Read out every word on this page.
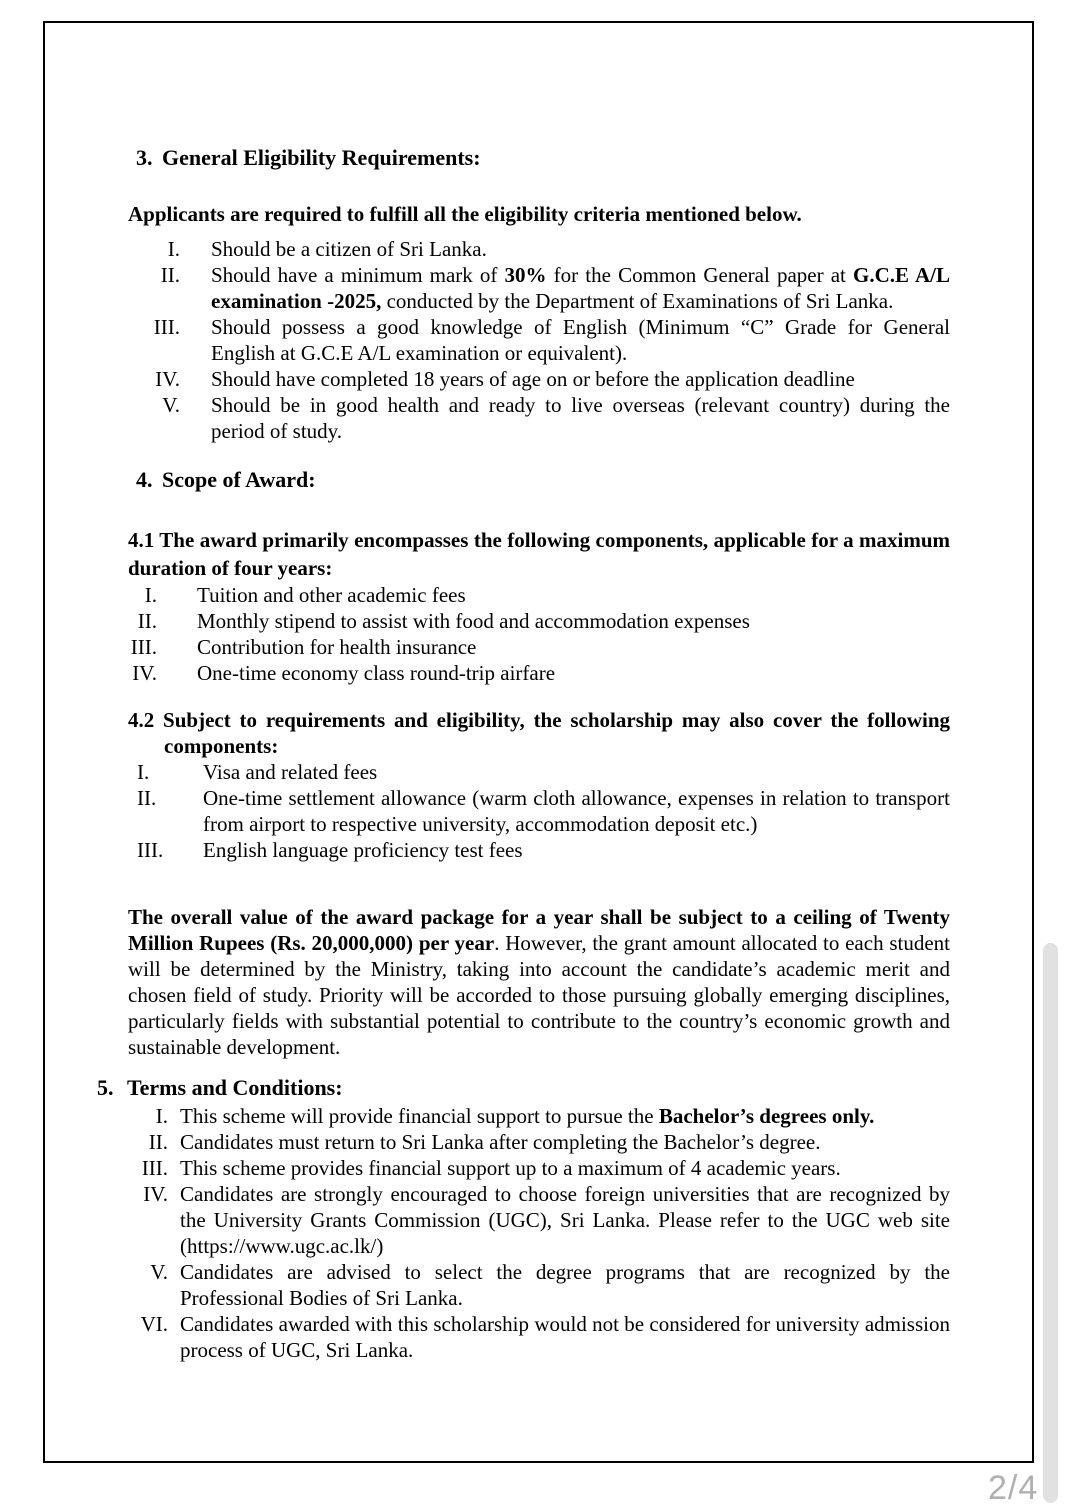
3. General Eligibility Requirements:
Applicants are required to fulfill all the eligibility criteria mentioned below.
I. Should be a citizen of Sri Lanka.
II. Should have a minimum mark of 30% for the Common General paper at G.C.E A/L examination -2025, conducted by the Department of Examinations of Sri Lanka.
III. Should possess a good knowledge of English (Minimum “C” Grade for General English at G.C.E A/L examination or equivalent).
IV. Should have completed 18 years of age on or before the application deadline
V. Should be in good health and ready to live overseas (relevant country) during the period of study.
4. Scope of Award:
4.1 The award primarily encompasses the following components, applicable for a maximum duration of four years:
I. Tuition and other academic fees
II. Monthly stipend to assist with food and accommodation expenses
III. Contribution for health insurance
IV. One-time economy class round-trip airfare
4.2 Subject to requirements and eligibility, the scholarship may also cover the following components:
I.	Visa and related fees
II.	One-time settlement allowance (warm cloth allowance, expenses in relation to transport from airport to respective university, accommodation deposit etc.)
III.	English language proficiency test fees
The overall value of the award package for a year shall be subject to a ceiling of Twenty Million Rupees (Rs. 20,000,000) per year. However, the grant amount allocated to each student will be determined by the Ministry, taking into account the candidate’s academic merit and chosen field of study. Priority will be accorded to those pursuing globally emerging disciplines, particularly fields with substantial potential to contribute to the country’s economic growth and sustainable development.
5. Terms and Conditions:
I. This scheme will provide financial support to pursue the Bachelor’s degrees only.
II. Candidates must return to Sri Lanka after completing the Bachelor’s degree.
III. This scheme provides financial support up to a maximum of 4 academic years.
IV. Candidates are strongly encouraged to choose foreign universities that are recognized by the University Grants Commission (UGC), Sri Lanka. Please refer to the UGC web site (https://www.ugc.ac.lk/)
V. Candidates are advised to select the degree programs that are recognized by the Professional Bodies of Sri Lanka.
VI. Candidates awarded with this scholarship would not be considered for university admission process of UGC, Sri Lanka.
2/4
